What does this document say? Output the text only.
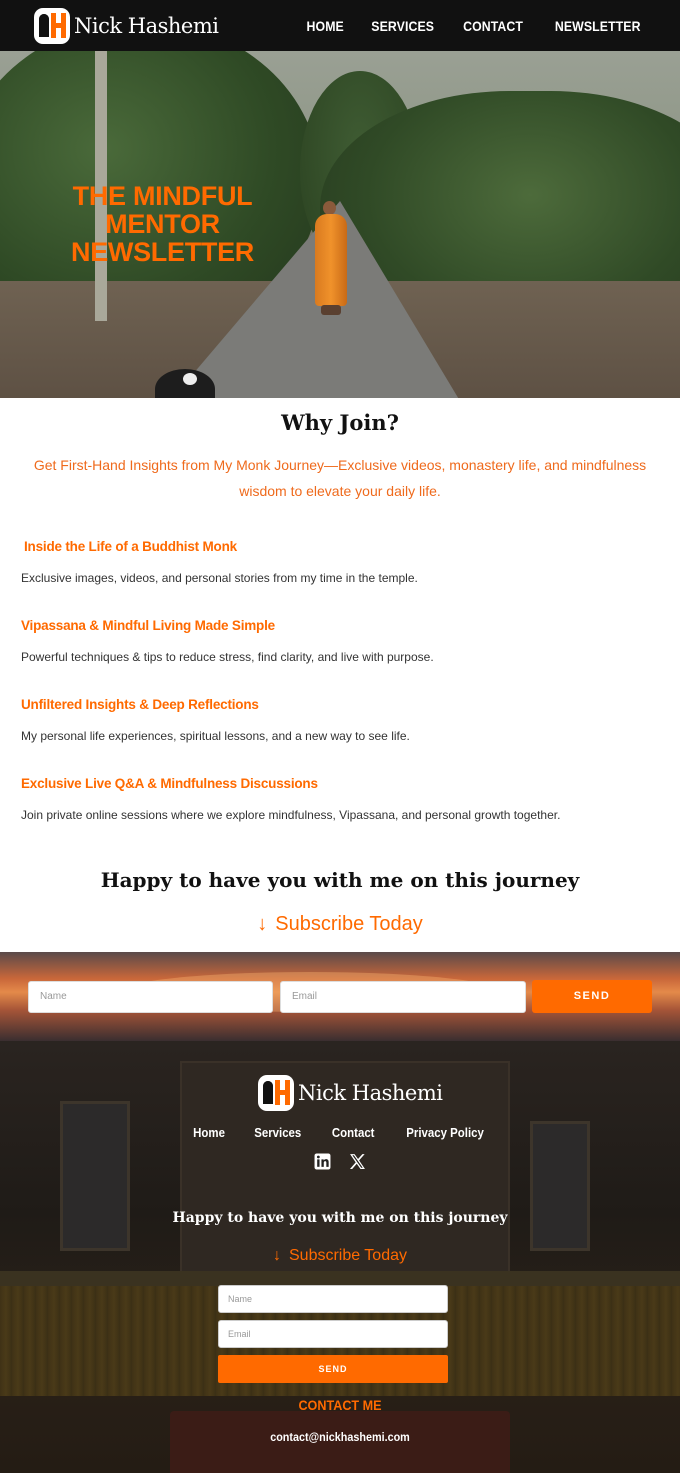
Nick Hashemi	HOME SERVICES CONTACT NEWSLETTER
THE MINDFUL
MENTOR
NEWSLETTER
Why Join?

Get First-Hand Insights from My Monk Journey—Exclusive videos, monastery life, and mindfulness wisdom to elevate your daily life.

Inside the Life of a Buddhist Monk
Exclusive images, videos, and personal stories from my time in the temple.
Vipassana & Mindful Living Made Simple
Powerful techniques & tips to reduce stress, find clarity, and live with purpose.
Unfiltered Insights & Deep Reflections
My personal life experiences, spiritual lessons, and a new way to see life.
Exclusive Live Q&A & Mindfulness Discussions
Join private online sessions where we explore mindfulness, Vipassana, and personal growth together.
Happy to have you with me on this journey
↓ Subscribe Today
Name	Email	SEND
Nick Hashemi
Home Services Contact Privacy Policy
Happy to have you with me on this journey
↓ Subscribe Today
Name
Email
SEND
CONTACT ME
contact@nickhashemi.com
